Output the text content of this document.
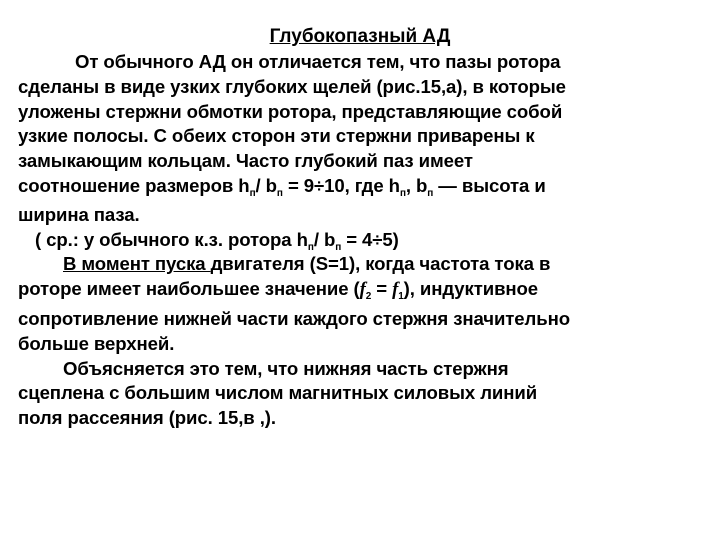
Глубокопазный АД
От обычного АД он отличается тем, что пазы ротора
сделаны в виде узких глубоких щелей (рис.15,а), в которые
уложены стержни обмотки ротора, представляющие собой
узкие полосы. С обеих сторон эти стержни приварены к
замыкающим кольцам. Часто глубокий паз имеет
соотношение размеров $h_п/$ $b_п = 9\div 10$, где $h_п$, $b_п$ — высота и
ширина паза.
( ср.: у обычного к.з. ротора $h_п/$ $b_п = 4\div 5$)
В момент пуска двигателя (S=1), когда частота тока в
роторе имеет наибольшее значение $(f_2 = f_1)$, индуктивное
сопротивление нижней части каждого стержня значительно
больше верхней.
Объясняется это тем, что нижняя часть стержня
сцеплена с большим числом магнитных силовых линий
поля рассеяния (рис. 15,в ,).
